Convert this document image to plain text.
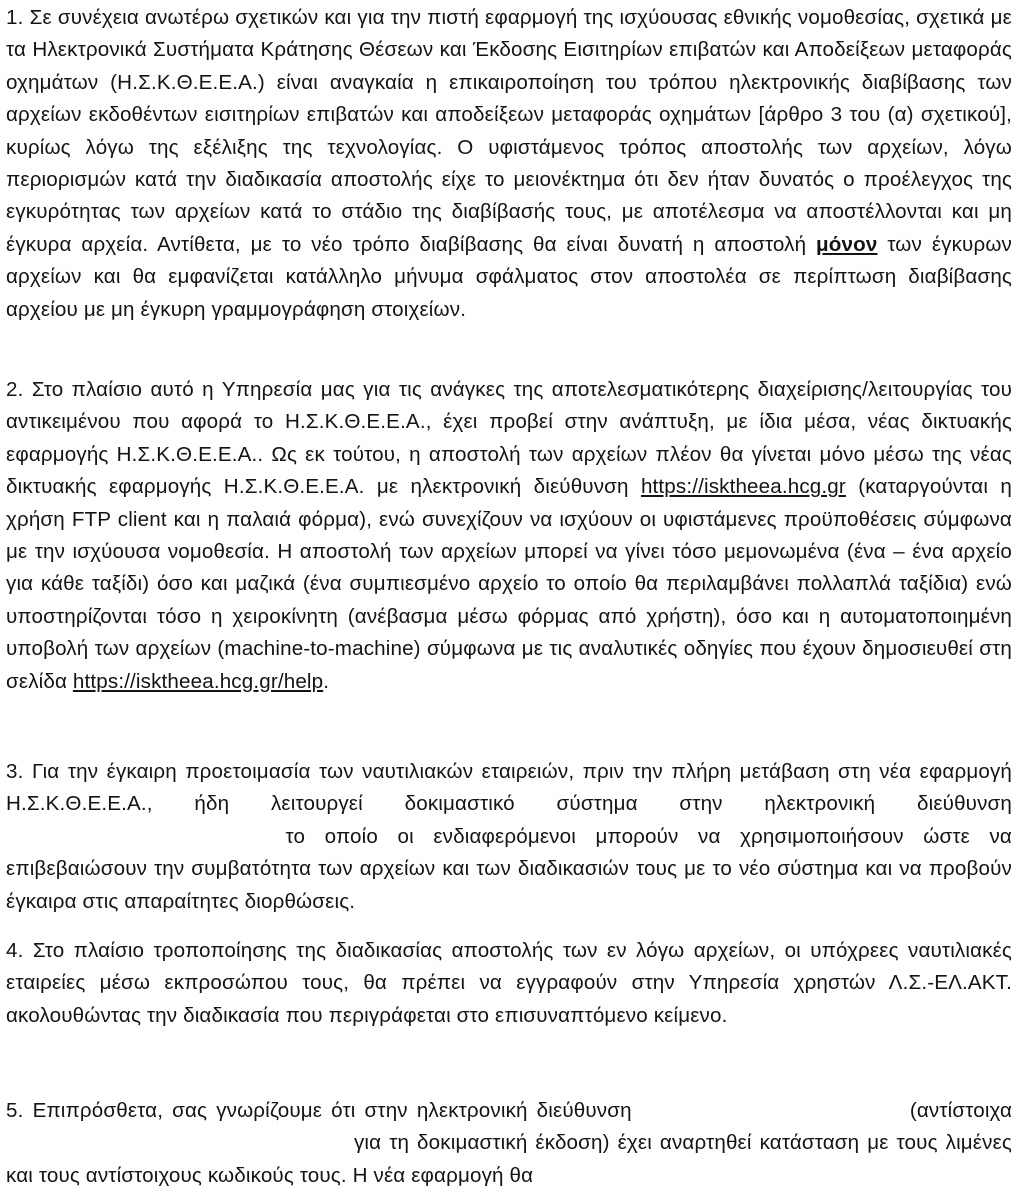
1. Σε συνέχεια ανωτέρω σχετικών και για την πιστή εφαρμογή της ισχύουσας εθνικής νομοθεσίας, σχετικά με τα Ηλεκτρονικά Συστήματα Κράτησης Θέσεων και Έκδοσης Εισιτηρίων επιβατών και Αποδείξεων μεταφοράς οχημάτων (Η.Σ.Κ.Θ.Ε.Ε.Α.) είναι αναγκαία η επικαιροποίηση του τρόπου ηλεκτρονικής διαβίβασης των αρχείων εκδοθέντων εισιτηρίων επιβατών και αποδείξεων μεταφοράς οχημάτων [άρθρο 3 του (α) σχετικού], κυρίως λόγω της εξέλιξης της τεχνολογίας. Ο υφιστάμενος τρόπος αποστολής των αρχείων, λόγω περιορισμών κατά την διαδικασία αποστολής είχε το μειονέκτημα ότι δεν ήταν δυνατός ο προέλεγχος της εγκυρότητας των αρχείων κατά το στάδιο της διαβίβασής τους, με αποτέλεσμα να αποστέλλονται και μη έγκυρα αρχεία. Αντίθετα, με το νέο τρόπο διαβίβασης θα είναι δυνατή η αποστολή μόνον των έγκυρων αρχείων και θα εμφανίζεται κατάλληλο μήνυμα σφάλματος στον αποστολέα σε περίπτωση διαβίβασης αρχείου με μη έγκυρη γραμμογράφηση στοιχείων.

2. Στο πλαίσιο αυτό η Υπηρεσία μας για τις ανάγκες της αποτελεσματικότερης διαχείρισης/λειτουργίας του αντικειμένου που αφορά το Η.Σ.Κ.Θ.Ε.Ε.Α., έχει προβεί στην ανάπτυξη, με ίδια μέσα, νέας δικτυακής εφαρμογής Η.Σ.Κ.Θ.Ε.Ε.Α.. Ως εκ τούτου, η αποστολή των αρχείων πλέον θα γίνεται μόνο μέσω της νέας δικτυακής εφαρμογής Η.Σ.Κ.Θ.Ε.Ε.Α. με ηλεκτρονική διεύθυνση https://isktheea.hcg.gr (καταργούνται η χρήση FTP client και η παλαιά φόρμα), ενώ συνεχίζουν να ισχύουν οι υφιστάμενες προϋποθέσεις σύμφωνα με την ισχύουσα νομοθεσία. Η αποστολή των αρχείων μπορεί να γίνει τόσο μεμονωμένα (ένα – ένα αρχείο για κάθε ταξίδι) όσο και μαζικά (ένα συμπιεσμένο αρχείο το οποίο θα περιλαμβάνει πολλαπλά ταξίδια) ενώ υποστηρίζονται τόσο η χειροκίνητη (ανέβασμα μέσω φόρμας από χρήστη), όσο και η αυτοματοποιημένη υποβολή των αρχείων (machine-to-machine) σύμφωνα με τις αναλυτικές οδηγίες που έχουν δημοσιευθεί στη σελίδα https://isktheea.hcg.gr/help.

3. Για την έγκαιρη προετοιμασία των ναυτιλιακών εταιρειών, πριν την πλήρη μετάβαση στη νέα εφαρμογή Η.Σ.Κ.Θ.Ε.Ε.Α., ήδη λειτουργεί δοκιμαστικό σύστημα στην ηλεκτρονική διεύθυνση  το οποίο οι ενδιαφερόμενοι μπορούν να χρησιμοποιήσουν ώστε να επιβεβαιώσουν την συμβατότητα των αρχείων και των διαδικασιών τους με το νέο σύστημα και να προβούν έγκαιρα στις απαραίτητες διορθώσεις.

4. Στο πλαίσιο τροποποίησης της διαδικασίας αποστολής των εν λόγω αρχείων, οι υπόχρεες ναυτιλιακές εταιρείες μέσω εκπροσώπου τους, θα πρέπει να εγγραφούν στην Υπηρεσία χρηστών Λ.Σ.-ΕΛ.ΑΚΤ. ακολουθώντας την διαδικασία που περιγράφεται στο επισυναπτόμενο κείμενο.

5. Επιπρόσθετα, σας γνωρίζουμε ότι στην ηλεκτρονική διεύθυνση	(αντίστοιχα  για τη δοκιμαστική έκδοση) έχει αναρτηθεί κατάσταση με τους λιμένες και τους αντίστοιχους κωδικούς τους. Η νέα εφαρμογή θα
